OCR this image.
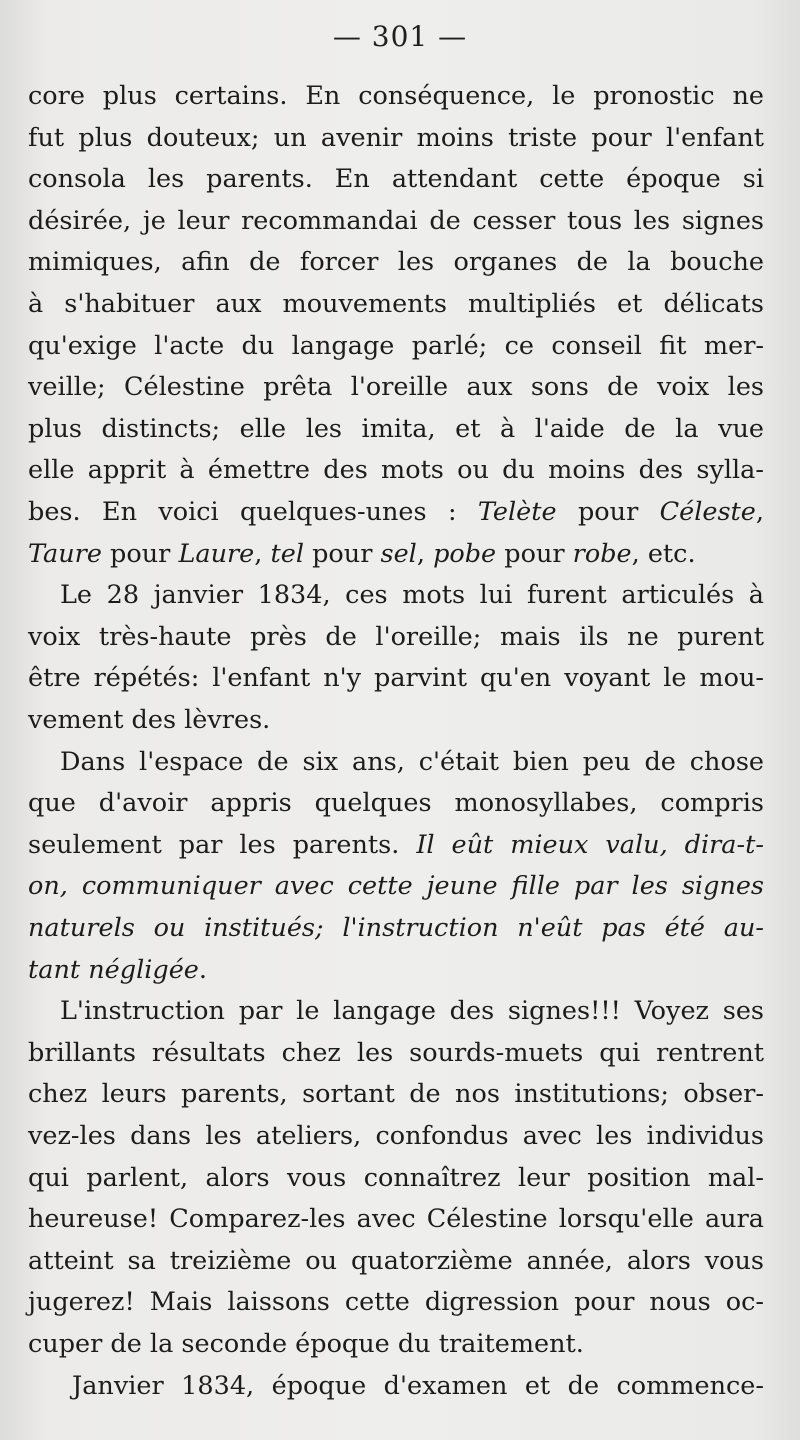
— 301 —
core plus certains. En conséquence, le pronostic ne
fut plus douteux; un avenir moins triste pour l'enfant
consola les parents. En attendant cette époque si
désirée, je leur recommandai de cesser tous les signes
mimiques, afin de forcer les organes de la bouche
à s'habituer aux mouvements multipliés et délicats
qu'exige l'acte du langage parlé; ce conseil fit mer-
veille; Célestine prêta l'oreille aux sons de voix les
plus distincts; elle les imita, et à l'aide de la vue
elle apprit à émettre des mots ou du moins des sylla-
bes. En voici quelques-unes : Telète pour Céleste,
Taure pour Laure, tel pour sel, pobe pour robe, etc.
Le 28 janvier 1834, ces mots lui furent articulés à
voix très-haute près de l'oreille; mais ils ne purent
être répétés: l'enfant n'y parvint qu'en voyant le mou-
vement des lèvres.
Dans l'espace de six ans, c'était bien peu de chose
que d'avoir appris quelques monosyllabes, compris
seulement par les parents. Il eût mieux valu, dira-t-
on, communiquer avec cette jeune fille par les signes
naturels ou institués; l'instruction n'eût pas été au-
tant négligée.
L'instruction par le langage des signes!!! Voyez ses
brillants résultats chez les sourds-muets qui rentrent
chez leurs parents, sortant de nos institutions; obser-
vez-les dans les ateliers, confondus avec les individus
qui parlent, alors vous connaîtrez leur position mal-
heureuse! Comparez-les avec Célestine lorsqu'elle aura
atteint sa treizième ou quatorzième année, alors vous
jugerez! Mais laissons cette digression pour nous oc-
cuper de la seconde époque du traitement.
Janvier 1834, époque d'examen et de commence-
